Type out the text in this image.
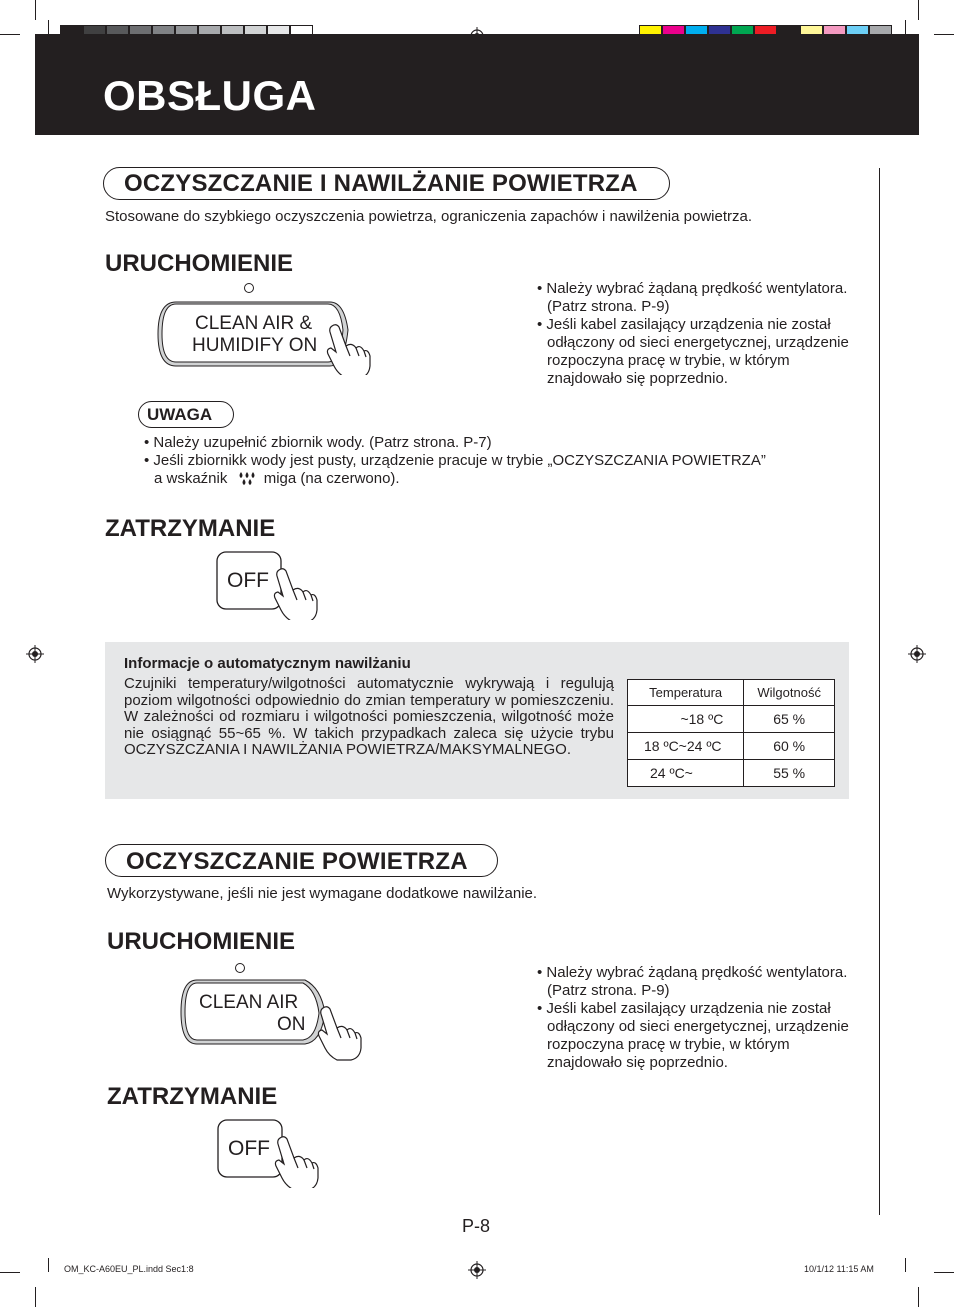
OBSŁUGA
OCZYSZCZANIE I NAWILŻANIE POWIETRZA
Stosowane do szybkiego oczyszczenia powietrza, ograniczenia zapachów i nawilżenia powietrza.
URUCHOMIENIE
CLEAN AIR &
HUMIDIFY ON
• Należy wybrać żądaną prędkość wentylatora. (Patrz strona. P-9)
• Jeśli kabel zasilający urządzenia nie został odłączony od sieci energetycznej, urządzenie rozpoczyna pracę w trybie, w którym znajdowało się poprzednio.
UWAGA
• Należy uzupełnić zbiornik wody. (Patrz strona. P-7)
• Jeśli zbiornikk wody jest pusty, urządzenie pracuje w trybie „OCZYSZCZANIA POWIETRZA”
a wskaźnik miga (na czerwono).
ZATRZYMANIE
OFF
Informacje o automatycznym nawilżaniu
Czujniki temperatury/wilgotności automatycznie wykrywają i regulują poziom wilgotności odpowiednio do zmian temperatury w pomieszczeniu. W zależności od rozmiaru i wilgotności pomieszczenia, wilgotność może nie osiągnąć 55~65 %. W takich przypadkach zaleca się użycie trybu OCZYSZCZANIA I NAWILŻANIA POWIETRZA/MAKSYMALNEGO.
Temperatura	Wilgotność
~18 ºC	65 %
18 ºC~24 ºC	60 %
24 ºC~	55 %
OCZYSZCZANIE POWIETRZA
Wykorzystywane, jeśli nie jest wymagane dodatkowe nawilżanie.
URUCHOMIENIE
CLEAN AIR
ON
• Należy wybrać żądaną prędkość wentylatora. (Patrz strona. P-9)
• Jeśli kabel zasilający urządzenia nie został odłączony od sieci energetycznej, urządzenie rozpoczyna pracę w trybie, w którym znajdowało się poprzednio.
ZATRZYMANIE
OFF
P-8
OM_KC-A60EU_PL.indd Sec1:8	10/1/12 11:15 AM
